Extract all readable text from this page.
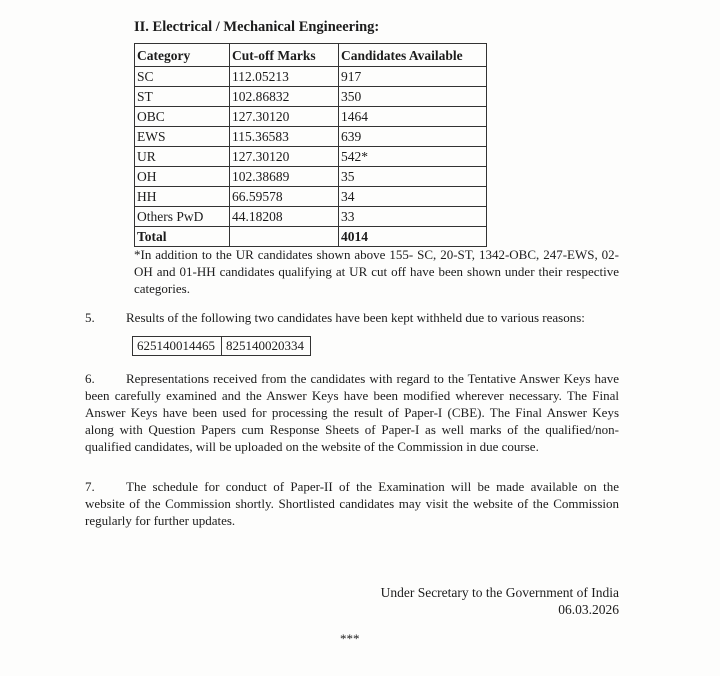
II. Electrical / Mechanical Engineering:
Category	Cut-off Marks	Candidates Available
SC	112.05213	917
ST	102.86832	350
OBC	127.30120	1464
EWS	115.36583	639
UR	127.30120	542*
OH	102.38689	35
HH	66.59578	34
Others PwD	44.18208	33
Total		4014
*In addition to the UR candidates shown above 155- SC, 20-ST, 1342-OBC, 247-EWS, 02- OH and 01-HH candidates qualifying at UR cut off have been shown under their respective categories.
5. Results of the following two candidates have been kept withheld due to various reasons:
625140014465	825140020334
6. Representations received from the candidates with regard to the Tentative Answer Keys have been carefully examined and the Answer Keys have been modified wherever necessary. The Final Answer Keys have been used for processing the result of Paper-I (CBE). The Final Answer Keys along with Question Papers cum Response Sheets of Paper-I as well marks of the qualified/non-qualified candidates, will be uploaded on the website of the Commission in due course.
7. The schedule for conduct of Paper-II of the Examination will be made available on the website of the Commission shortly. Shortlisted candidates may visit the website of the Commission regularly for further updates.
Under Secretary to the Government of India
06.03.2026
***
